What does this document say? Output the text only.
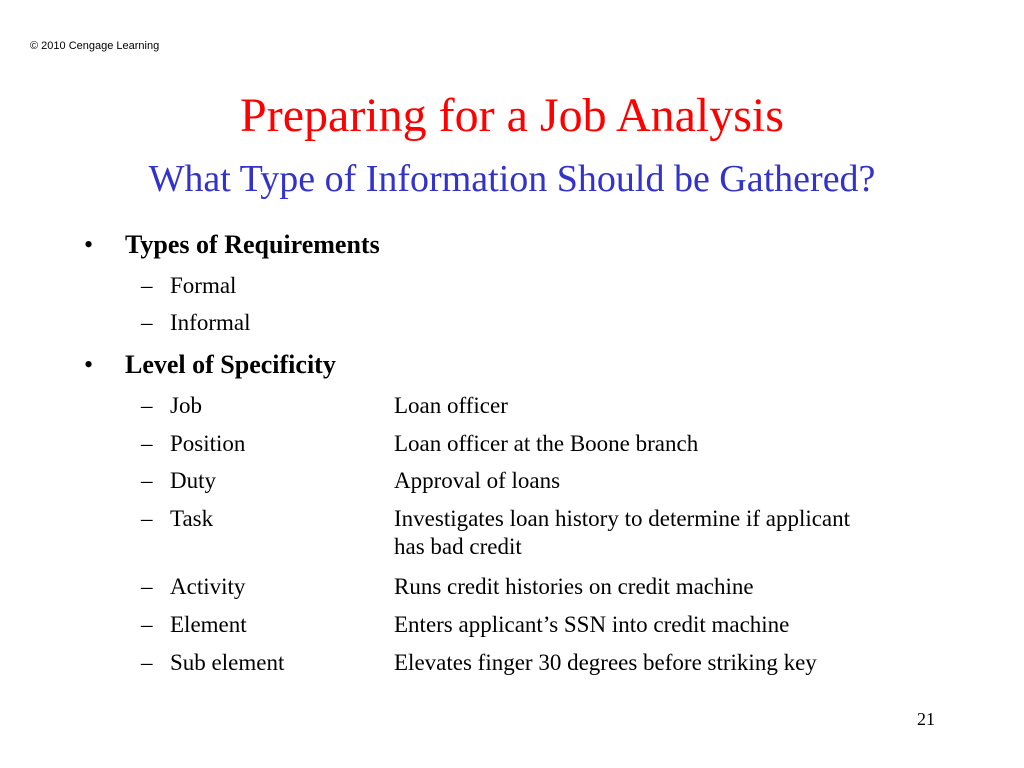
© 2010 Cengage Learning
Preparing for a Job Analysis
What Type of Information Should be Gathered?
• Types of Requirements
– Formal
– Informal
• Level of Specificity
– Job	Loan officer
– Position	Loan officer at the Boone branch
– Duty	Approval of loans
– Task	Investigates loan history to determine if applicant has bad credit
– Activity	Runs credit histories on credit machine
– Element	Enters applicant’s SSN into credit machine
– Sub element	Elevates finger 30 degrees before striking key
21
